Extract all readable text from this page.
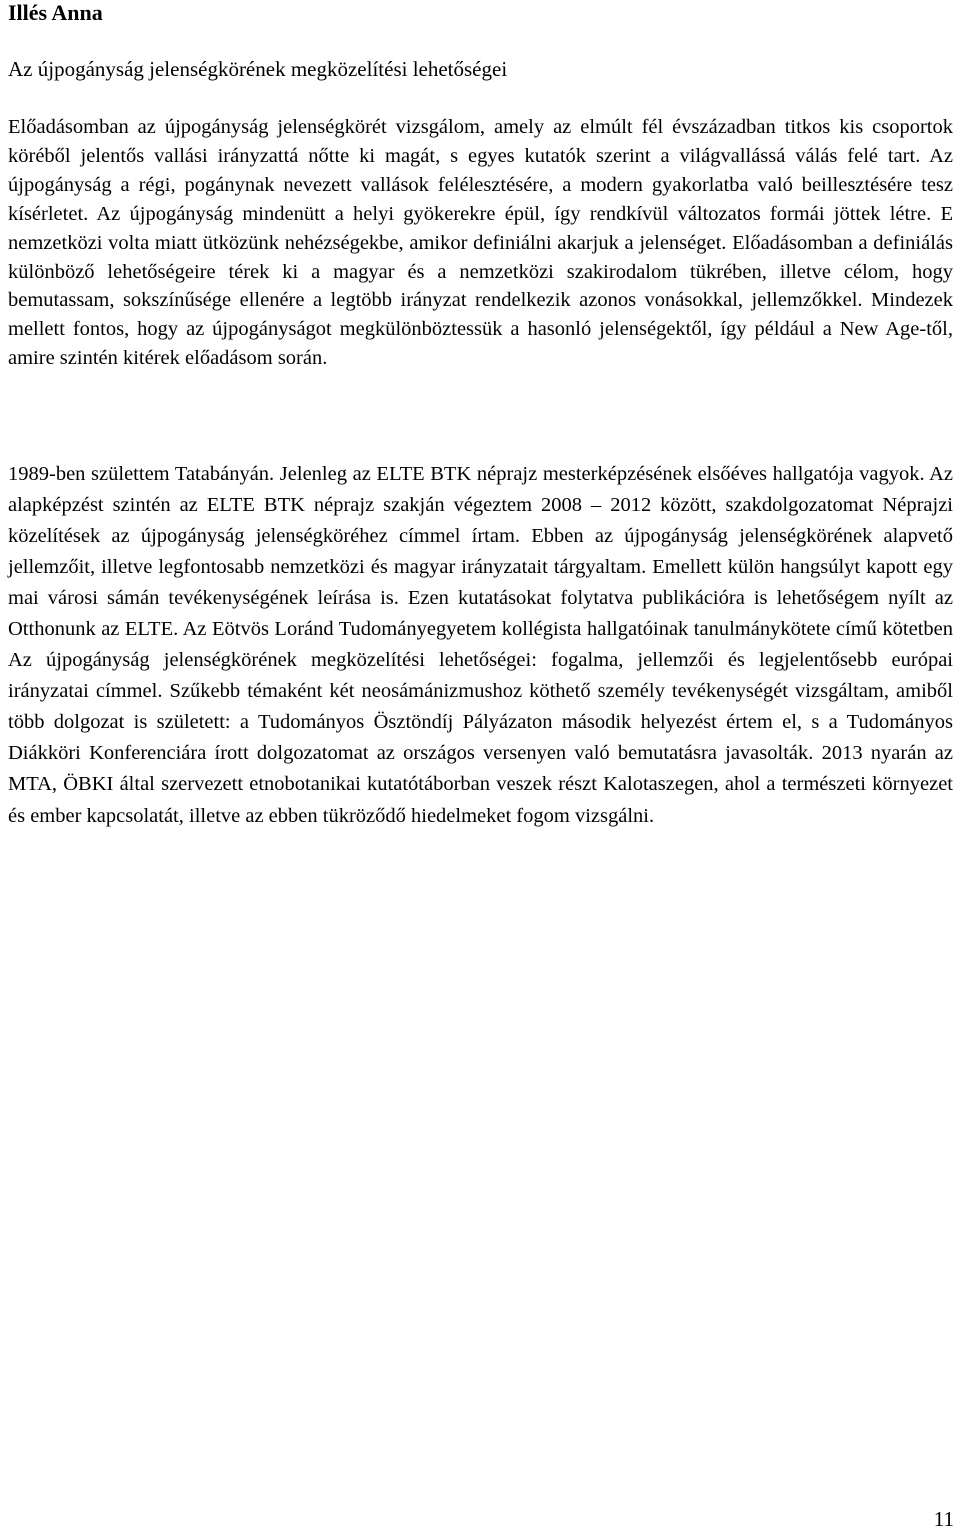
Illés Anna
Az újpogányság jelenségkörének megközelítési lehetőségei

Előadásomban az újpogányság jelenségkörét vizsgálom, amely az elmúlt fél évszázadban titkos kis csoportok köréből jelentős vallási irányzattá nőtte ki magát, s egyes kutatók szerint a világvallássá válás felé tart. Az újpogányság a régi, pogánynak nevezett vallások felélesztésére, a modern gyakorlatba való beillesztésére tesz kísérletet. Az újpogányság mindenütt a helyi gyökerekre épül, így rendkívül változatos formái jöttek létre. E nemzetközi volta miatt ütközünk nehézségekbe, amikor definiálni akarjuk a jelenséget. Előadásomban a definiálás különböző lehetőségeire térek ki a magyar és a nemzetközi szakirodalom tükrében, illetve célom, hogy bemutassam, sokszínűsége ellenére a legtöbb irányzat rendelkezik azonos vonásokkal, jellemzőkkel. Mindezek mellett fontos, hogy az újpogányságot megkülönböztessük a hasonló jelenségektől, így például a New Age-től, amire szintén kitérek előadásom során.

1989-ben születtem Tatabányán. Jelenleg az ELTE BTK néprajz mesterképzésének elsőéves hallgatója vagyok. Az alapképzést szintén az ELTE BTK néprajz szakján végeztem 2008 – 2012 között, szakdolgozatomat Néprajzi közelítések az újpogányság jelenségköréhez címmel írtam. Ebben az újpogányság jelenségkörének alapvető jellemzőit, illetve legfontosabb nemzetközi és magyar irányzatait tárgyaltam. Emellett külön hangsúlyt kapott egy mai városi sámán tevékenységének leírása is. Ezen kutatásokat folytatva publikációra is lehetőségem nyílt az Otthonunk az ELTE. Az Eötvös Loránd Tudományegyetem kollégista hallgatóinak tanulmánykötete című kötetben Az újpogányság jelenségkörének megközelítési lehetőségei: fogalma, jellemzői és legjelentősebb európai irányzatai címmel. Szűkebb témaként két neosámánizmushoz köthető személy tevékenységét vizsgáltam, amiből több dolgozat is született: a Tudományos Ösztöndíj Pályázaton második helyezést értem el, s a Tudományos Diákköri Konferenciára írott dolgozatomat az országos versenyen való bemutatásra javasolták. 2013 nyarán az MTA, ÖBKI által szervezett etnobotanikai kutatótáborban veszek részt Kalotaszegen, ahol a természeti környezet és ember kapcsolatát, illetve az ebben tükröződő hiedelmeket fogom vizsgálni.

11
